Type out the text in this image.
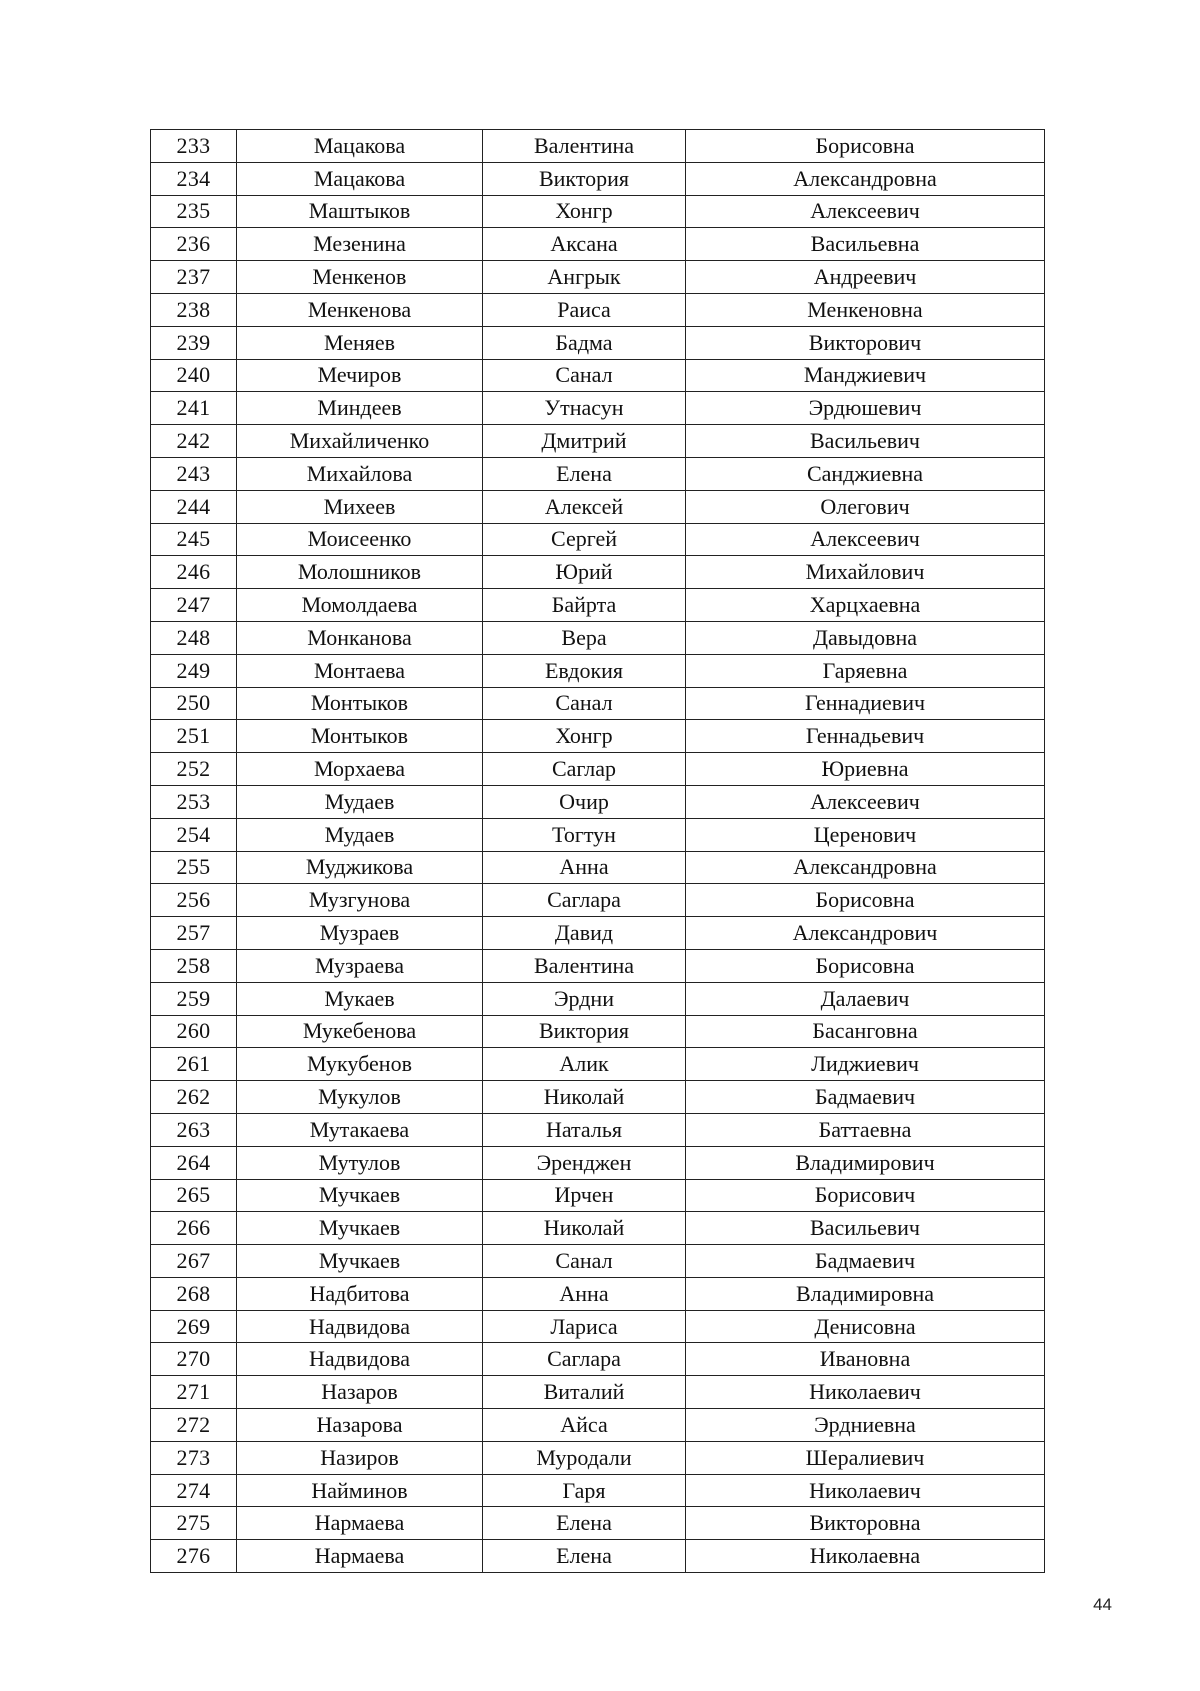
233	Мацакова	Валентина	Борисовна
234	Мацакова	Виктория	Александровна
235	Маштыков	Хонгр	Алексеевич
236	Мезенина	Аксана	Васильевна
237	Менкенов	Ангрык	Андреевич
238	Менкенова	Раиса	Менкеновна
239	Меняев	Бадма	Викторович
240	Мечиров	Санал	Манджиевич
241	Миндеев	Утнасун	Эрдюшевич
242	Михайличенко	Дмитрий	Васильевич
243	Михайлова	Елена	Санджиевна
244	Михеев	Алексей	Олегович
245	Моисеенко	Сергей	Алексеевич
246	Молошников	Юрий	Михайлович
247	Момолдаева	Байрта	Харцхаевна
248	Монканова	Вера	Давыдовна
249	Монтаева	Евдокия	Гаряевна
250	Монтыков	Санал	Геннадиевич
251	Монтыков	Хонгр	Геннадьевич
252	Морхаева	Саглар	Юриевна
253	Мудаев	Очир	Алексеевич
254	Мудаев	Тогтун	Церенович
255	Муджикова	Анна	Александровна
256	Музгунова	Саглара	Борисовна
257	Музраев	Давид	Александрович
258	Музраева	Валентина	Борисовна
259	Мукаев	Эрдни	Далаевич
260	Мукебенова	Виктория	Басанговна
261	Мукубенов	Алик	Лиджиевич
262	Мукулов	Николай	Бадмаевич
263	Мутакаева	Наталья	Баттаевна
264	Мутулов	Эренджен	Владимирович
265	Мучкаев	Ирчен	Борисович
266	Мучкаев	Николай	Васильевич
267	Мучкаев	Санал	Бадмаевич
268	Надбитова	Анна	Владимировна
269	Надвидова	Лариса	Денисовна
270	Надвидова	Саглара	Ивановна
271	Назаров	Виталий	Николаевич
272	Назарова	Айса	Эрдниевна
273	Назиров	Муродали	Шералиевич
274	Найминов	Гаря	Николаевич
275	Нармаева	Елена	Викторовна
276	Нармаева	Елена	Николаевна
44
